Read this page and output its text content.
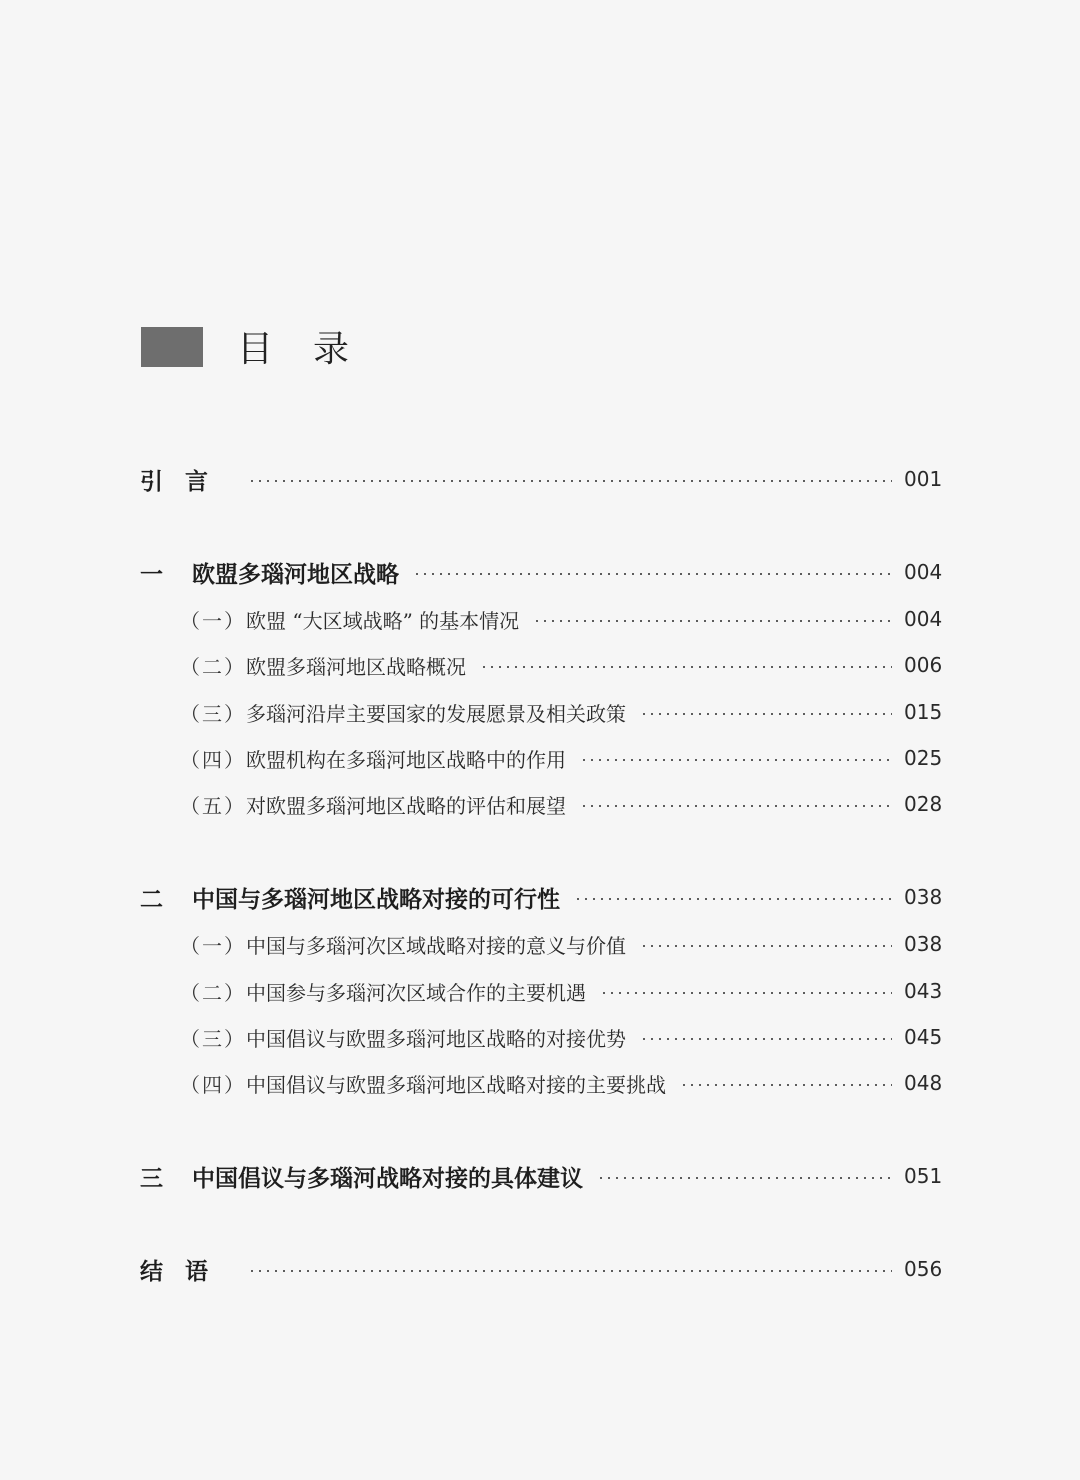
目录
引言	001
一	欧盟多瑙河地区战略	004
（一） 欧盟 “大区域战略” 的基本情况	004
（二） 欧盟多瑙河地区战略概况	006
（三） 多瑙河沿岸主要国家的发展愿景及相关政策	015
（四） 欧盟机构在多瑙河地区战略中的作用	025
（五） 对欧盟多瑙河地区战略的评估和展望	028
二	中国与多瑙河地区战略对接的可行性	038
（一） 中国与多瑙河次区域战略对接的意义与价值	038
（二） 中国参与多瑙河次区域合作的主要机遇	043
（三） 中国倡议与欧盟多瑙河地区战略的对接优势	045
（四） 中国倡议与欧盟多瑙河地区战略对接的主要挑战	048
三	中国倡议与多瑙河战略对接的具体建议	051
结语	056
